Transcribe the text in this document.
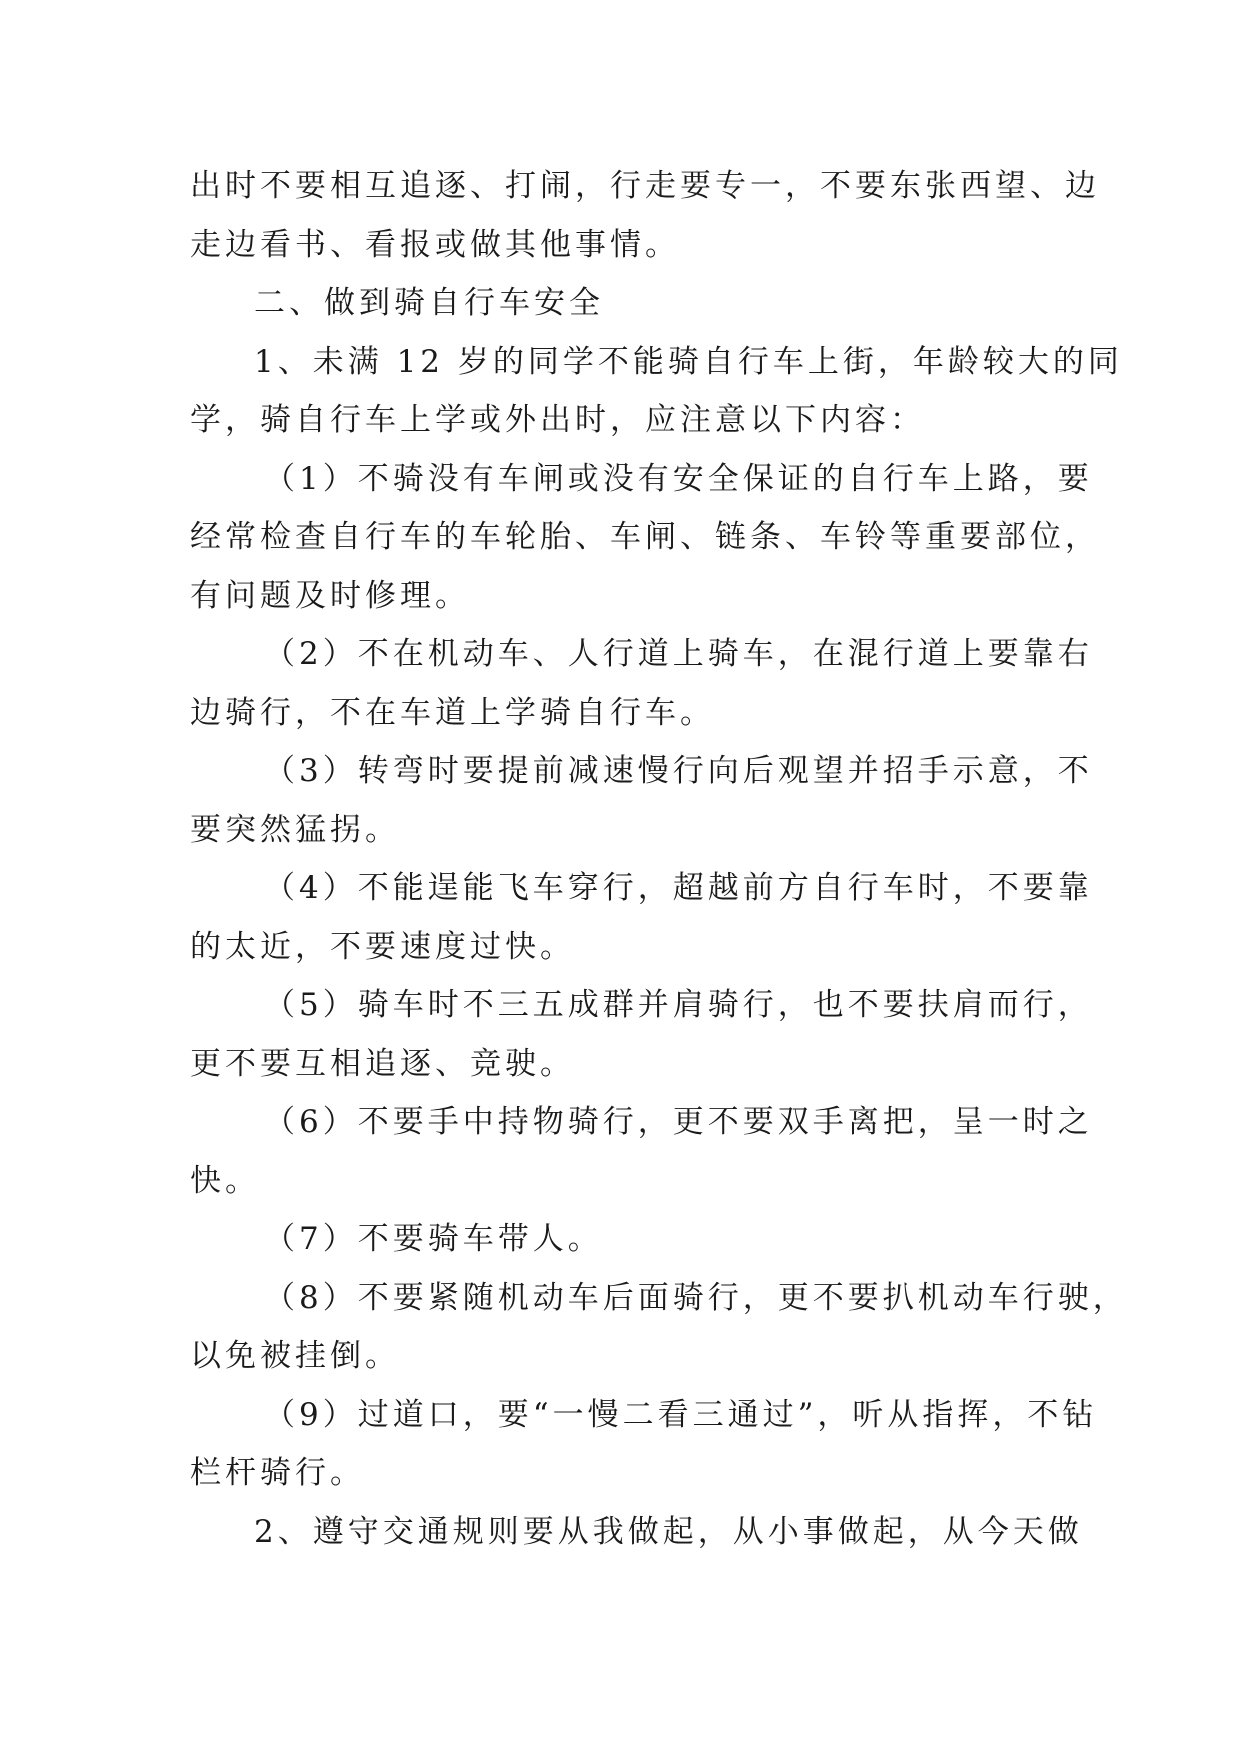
出时不要相互追逐、打闹，行走要专一，不要东张西望、边
走边看书、看报或做其他事情。
二、做到骑自行车安全
1、未满 12 岁的同学不能骑自行车上街，年龄较大的同
学，骑自行车上学或外出时，应注意以下内容：
（1）不骑没有车闸或没有安全保证的自行车上路，要
经常检查自行车的车轮胎、车闸、链条、车铃等重要部位，
有问题及时修理。
（2）不在机动车、人行道上骑车，在混行道上要靠右
边骑行，不在车道上学骑自行车。
（3）转弯时要提前减速慢行向后观望并招手示意，不
要突然猛拐。
（4）不能逞能飞车穿行，超越前方自行车时，不要靠
的太近，不要速度过快。
（5）骑车时不三五成群并肩骑行，也不要扶肩而行，
更不要互相追逐、竞驶。
（6）不要手中持物骑行，更不要双手离把，呈一时之
快。
（7）不要骑车带人。
（8）不要紧随机动车后面骑行，更不要扒机动车行驶，
以免被挂倒。
（9）过道口，要“一慢二看三通过”，听从指挥，不钻
栏杆骑行。
2、遵守交通规则要从我做起，从小事做起，从今天做
